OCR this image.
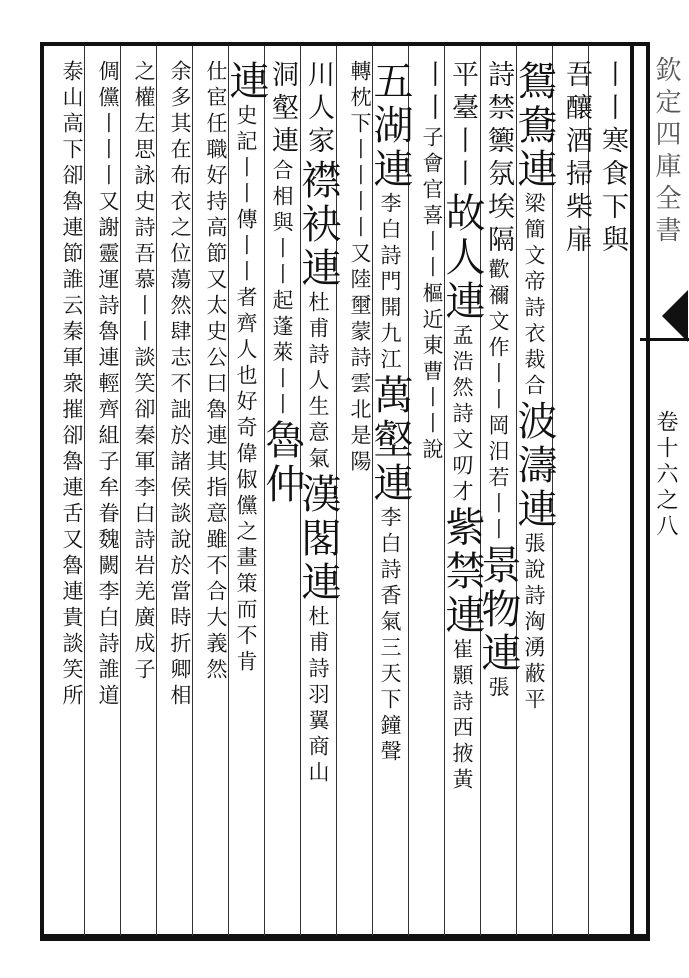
丨丨寒食下與
吾釀酒掃柴扉
鴛鴦連梁簡文帝詩衣裁合波濤連張說詩洶湧蔽平
詩禁籞氛埃隔歡禰文作丨丨岡汨若丨丨景物連張
平臺丨丨故人連孟浩然詩文叨才紫禁連崔顥詩西掖黃
丨丨子會官喜丨丨樞近東曹丨丨說
五湖連李白詩門開九江萬壑連李白詩香氣三天下鐘聲
轉枕下丨丨丨丨又陸壐蒙詩雲北是陽
川人家襟袂連杜甫詩人生意氣漢閣連杜甫詩羽翼商山
洞壑連合相與丨丨起蓬萊丨丨魯仲
連史記丨丨傳丨丨者齊人也好奇偉俶儻之畫策而不肯
仕宦任職好持高節又太史公曰魯連其指意雖不合大義然
余多其在布衣之位蕩然肆志不詘於諸侯談說於當時折卿相
之權左思詠史詩吾慕丨丨談笑卻秦軍李白詩岩羌廣成子
倜儻丨丨丨又謝靈運詩魯連輕齊組子牟眷魏闕李白詩誰道
泰山高下卻魯連節誰云秦軍衆摧卻魯連舌又魯連貴談笑所	欽定四庫全書
卷十六之八
